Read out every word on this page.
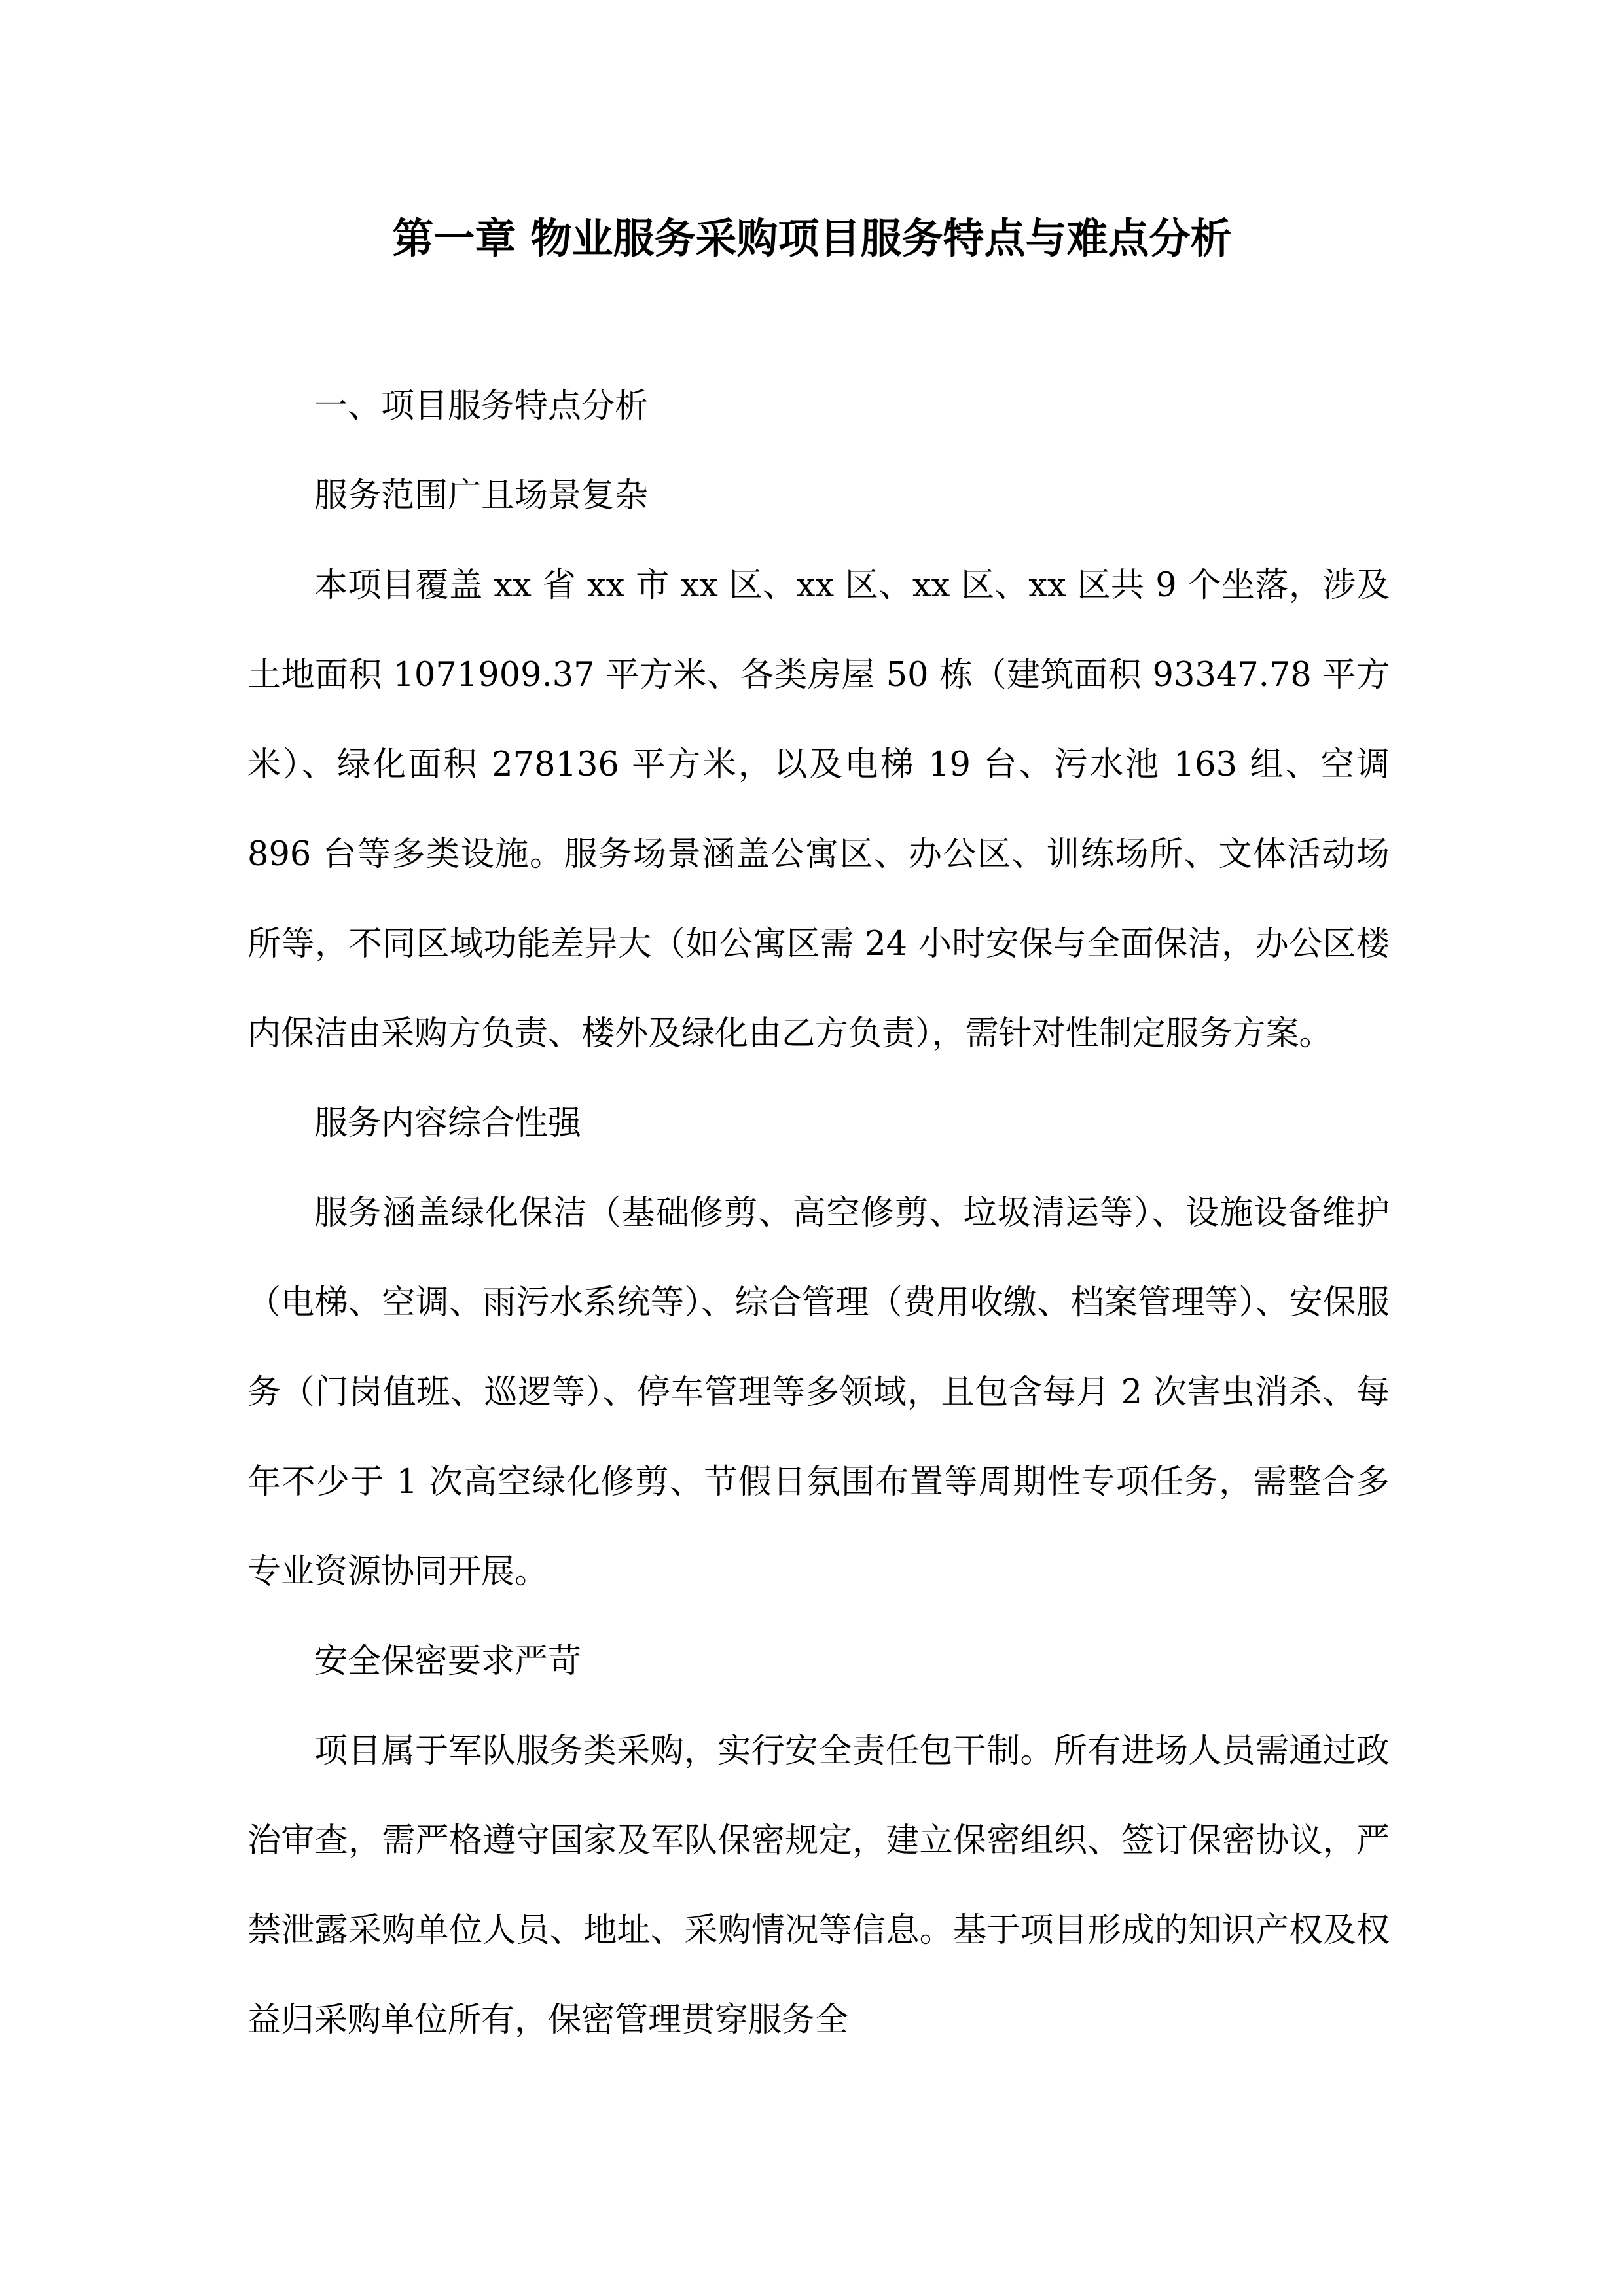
第一章 物业服务采购项目服务特点与难点分析

一、项目服务特点分析

服务范围广且场景复杂

本项目覆盖 xx 省 xx 市 xx 区、xx 区、xx 区、xx 区共 9 个坐落，涉及土地面积 1071909.37 平方米、各类房屋 50 栋（建筑面积 93347.78 平方米）、绿化面积 278136 平方米，以及电梯 19 台、污水池 163 组、空调 896 台等多类设施。服务场景涵盖公寓区、办公区、训练场所、文体活动场所等，不同区域功能差异大（如公寓区需 24 小时安保与全面保洁，办公区楼内保洁由采购方负责、楼外及绿化由乙方负责），需针对性制定服务方案。

服务内容综合性强

服务涵盖绿化保洁（基础修剪、高空修剪、垃圾清运等）、设施设备维护（电梯、空调、雨污水系统等）、综合管理（费用收缴、档案管理等）、安保服务（门岗值班、巡逻等）、停车管理等多领域，且包含每月 2 次害虫消杀、每年不少于 1 次高空绿化修剪、节假日氛围布置等周期性专项任务，需整合多专业资源协同开展。

安全保密要求严苛

项目属于军队服务类采购，实行安全责任包干制。所有进场人员需通过政治审查，需严格遵守国家及军队保密规定，建立保密组织、签订保密协议，严禁泄露采购单位人员、地址、采购情况等信息。基于项目形成的知识产权及权益归采购单位所有，保密管理贯穿服务全
